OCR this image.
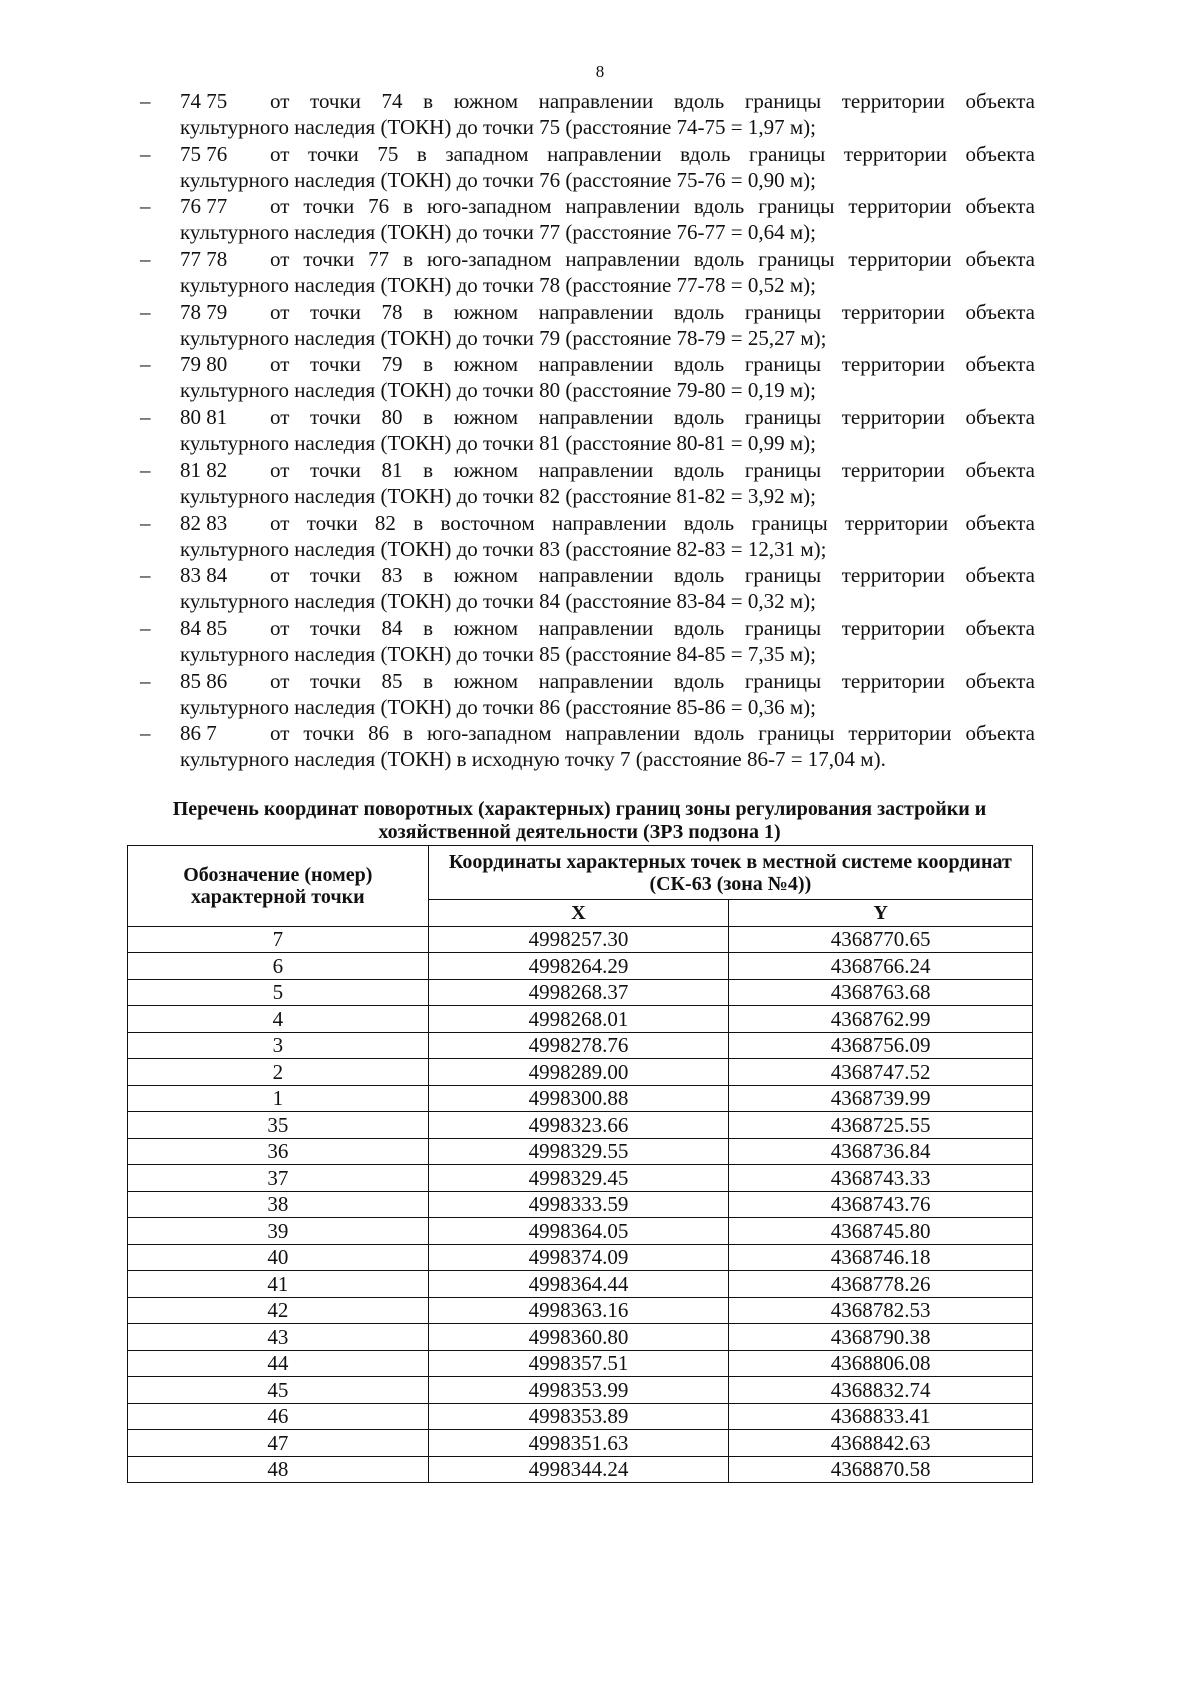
8
– 74 75	от точки 74 в южном направлении вдоль границы территории объекта
культурного наследия (ТОКН) до точки 75 (расстояние 74-75 = 1,97 м);
– 75 76	от точки 75 в западном направлении вдоль границы территории объекта
культурного наследия (ТОКН) до точки 76 (расстояние 75-76 = 0,90 м);
– 76 77	от точки 76 в юго-западном направлении вдоль границы территории объекта
культурного наследия (ТОКН) до точки 77 (расстояние 76-77 = 0,64 м);
– 77 78	от точки 77 в юго-западном направлении вдоль границы территории объекта
культурного наследия (ТОКН) до точки 78 (расстояние 77-78 = 0,52 м);
– 78 79	от точки 78 в южном направлении вдоль границы территории объекта
культурного наследия (ТОКН) до точки 79 (расстояние 78-79 = 25,27 м);
– 79 80	от точки 79 в южном направлении вдоль границы территории объекта
культурного наследия (ТОКН) до точки 80 (расстояние 79-80 = 0,19 м);
– 80 81	от точки 80 в южном направлении вдоль границы территории объекта
культурного наследия (ТОКН) до точки 81 (расстояние 80-81 = 0,99 м);
– 81 82	от точки 81 в южном направлении вдоль границы территории объекта
культурного наследия (ТОКН) до точки 82 (расстояние 81-82 = 3,92 м);
– 82 83	от точки 82 в восточном направлении вдоль границы территории объекта
культурного наследия (ТОКН) до точки 83 (расстояние 82-83 = 12,31 м);
– 83 84	от точки 83 в южном направлении вдоль границы территории объекта
культурного наследия (ТОКН) до точки 84 (расстояние 83-84 = 0,32 м);
– 84 85	от точки 84 в южном направлении вдоль границы территории объекта
культурного наследия (ТОКН) до точки 85 (расстояние 84-85 = 7,35 м);
– 85 86	от точки 85 в южном направлении вдоль границы территории объекта
культурного наследия (ТОКН) до точки 86 (расстояние 85-86 = 0,36 м);
– 86 7	от точки 86 в юго-западном направлении вдоль границы территории объекта
культурного наследия (ТОКН) в исходную точку 7 (расстояние 86-7 = 17,04 м).
Перечень координат поворотных (характерных) границ зоны регулирования застройки и хозяйственной деятельности (ЗРЗ подзона 1)
Обозначение (номер) характерной точки	Координаты характерных точек в местной системе координат (СК-63 (зона №4))	
	X	Y
7	4998257.30	4368770.65
6	4998264.29	4368766.24
5	4998268.37	4368763.68
4	4998268.01	4368762.99
3	4998278.76	4368756.09
2	4998289.00	4368747.52
1	4998300.88	4368739.99
35	4998323.66	4368725.55
36	4998329.55	4368736.84
37	4998329.45	4368743.33
38	4998333.59	4368743.76
39	4998364.05	4368745.80
40	4998374.09	4368746.18
41	4998364.44	4368778.26
42	4998363.16	4368782.53
43	4998360.80	4368790.38
44	4998357.51	4368806.08
45	4998353.99	4368832.74
46	4998353.89	4368833.41
47	4998351.63	4368842.63
48	4998344.24	4368870.58
